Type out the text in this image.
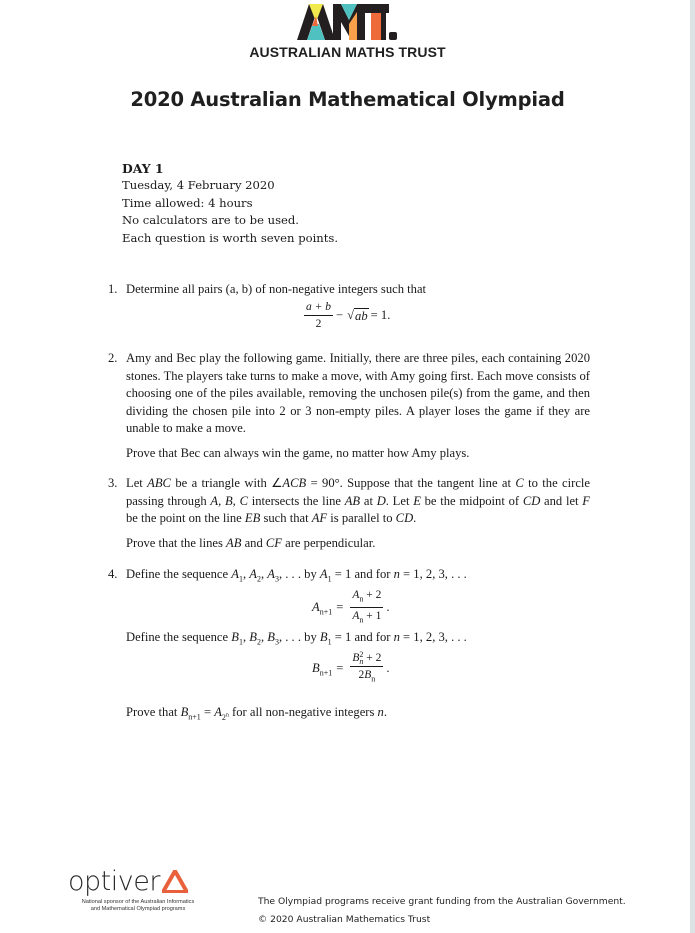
AUSTRALIAN MATHS TRUST
2020 Australian Mathematical Olympiad
DAY 1
Tuesday, 4 February 2020
Time allowed: 4 hours
No calculators are to be used.
Each question is worth seven points.
1. Determine all pairs (a, b) of non-negative integers such that

$\frac{a + b}{2}$ − √ ab = 1.
2. Amy and Bec play the following game. Initially, there are three piles, each containing 2020 stones. The players take turns to make a move, with Amy going first. Each move consists of choosing one of the piles available, removing the unchosen pile(s) from the game, and then dividing the chosen pile into 2 or 3 non-empty piles. A player loses the game if they are unable to make a move.

Prove that Bec can always win the game, no matter how Amy plays.

3. Let ABC be a triangle with ∠ACB = 90°. Suppose that the tangent line at C to the circle passing through A, B, C intersects the line AB at D. Let E be the midpoint of CD and let F be the point on the line EB such that AF is parallel to CD.

Prove that the lines AB and CF are perpendicular.

4. Define the sequence $A_1$, $A_2$, $A_3$, . . . by $A_1 = 1$ and for n = 1, 2, 3, . . .

$A_{n+1} = \frac{A_n + 2}{A_n + 1}$ .

Define the sequence $B_1$, $B_2$, $B_3$, . . . by $B_1 = 1$ and for n = 1, 2, 3, . . .

$B_{n+1} = B$ 2
n + 2
$2B_n$ .

Prove that $B_{n+1} = A_{2^n}$ for all non-negative integers n.

optiver
National sponsor of the Australian Informatics
and Mathematical Olympiad programs
The Olympiad programs receive grant funding from the Australian Government.
© 2020 Australian Mathematics Trust
